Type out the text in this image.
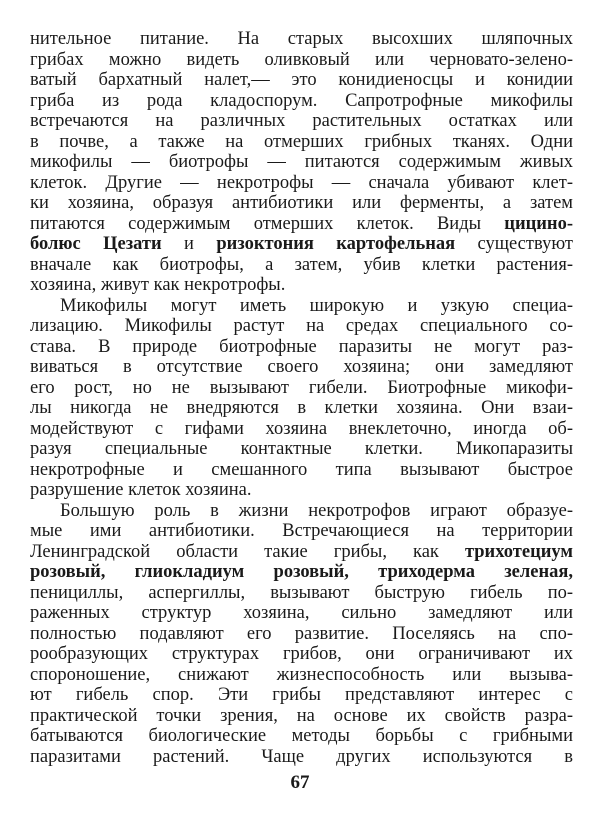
нительное питание. На старых высохших шляпочных
грибах можно видеть оливковый или черновато-зелено-
ватый бархатный налет,— это конидиеносцы и конидии
гриба из рода кладоспорум. Сапротрофные микофилы
встречаются на различных растительных остатках или
в почве, а также на отмерших грибных тканях. Одни
микофилы — биотрофы — питаются содержимым живых
клеток. Другие — некротрофы — сначала убивают клет-
ки хозяина, образуя антибиотики или ферменты, а затем
питаются содержимым отмерших клеток. Виды цицино-
болюс Цезати и ризоктония картофельная существуют
вначале как биотрофы, а затем, убив клетки растения-
хозяина, живут как некротрофы.
Микофилы могут иметь широкую и узкую специа-
лизацию. Микофилы растут на средах специального со-
става. В природе биотрофные паразиты не могут раз-
виваться в отсутствие своего хозяина; они замедляют
его рост, но не вызывают гибели. Биотрофные микофи-
лы никогда не внедряются в клетки хозяина. Они взаи-
модействуют с гифами хозяина внеклеточно, иногда об-
разуя специальные контактные клетки. Микопаразиты
некротрофные и смешанного типа вызывают быстрое
разрушение клеток хозяина.
Большую роль в жизни некротрофов играют образуе-
мые ими антибиотики. Встречающиеся на территории
Ленинградской области такие грибы, как трихотециум
розовый, глиокладиум розовый, триходерма зеленая,
пенициллы, аспергиллы, вызывают быструю гибель по-
раженных структур хозяина, сильно замедляют или
полностью подавляют его развитие. Поселяясь на спо-
рообразующих структурах грибов, они ограничивают их
спороношение, снижают жизнеспособность или вызыва-
ют гибель спор. Эти грибы представляют интерес с
практической точки зрения, на основе их свойств разра-
батываются биологические методы борьбы с грибными
паразитами растений. Чаще других используются в
67
